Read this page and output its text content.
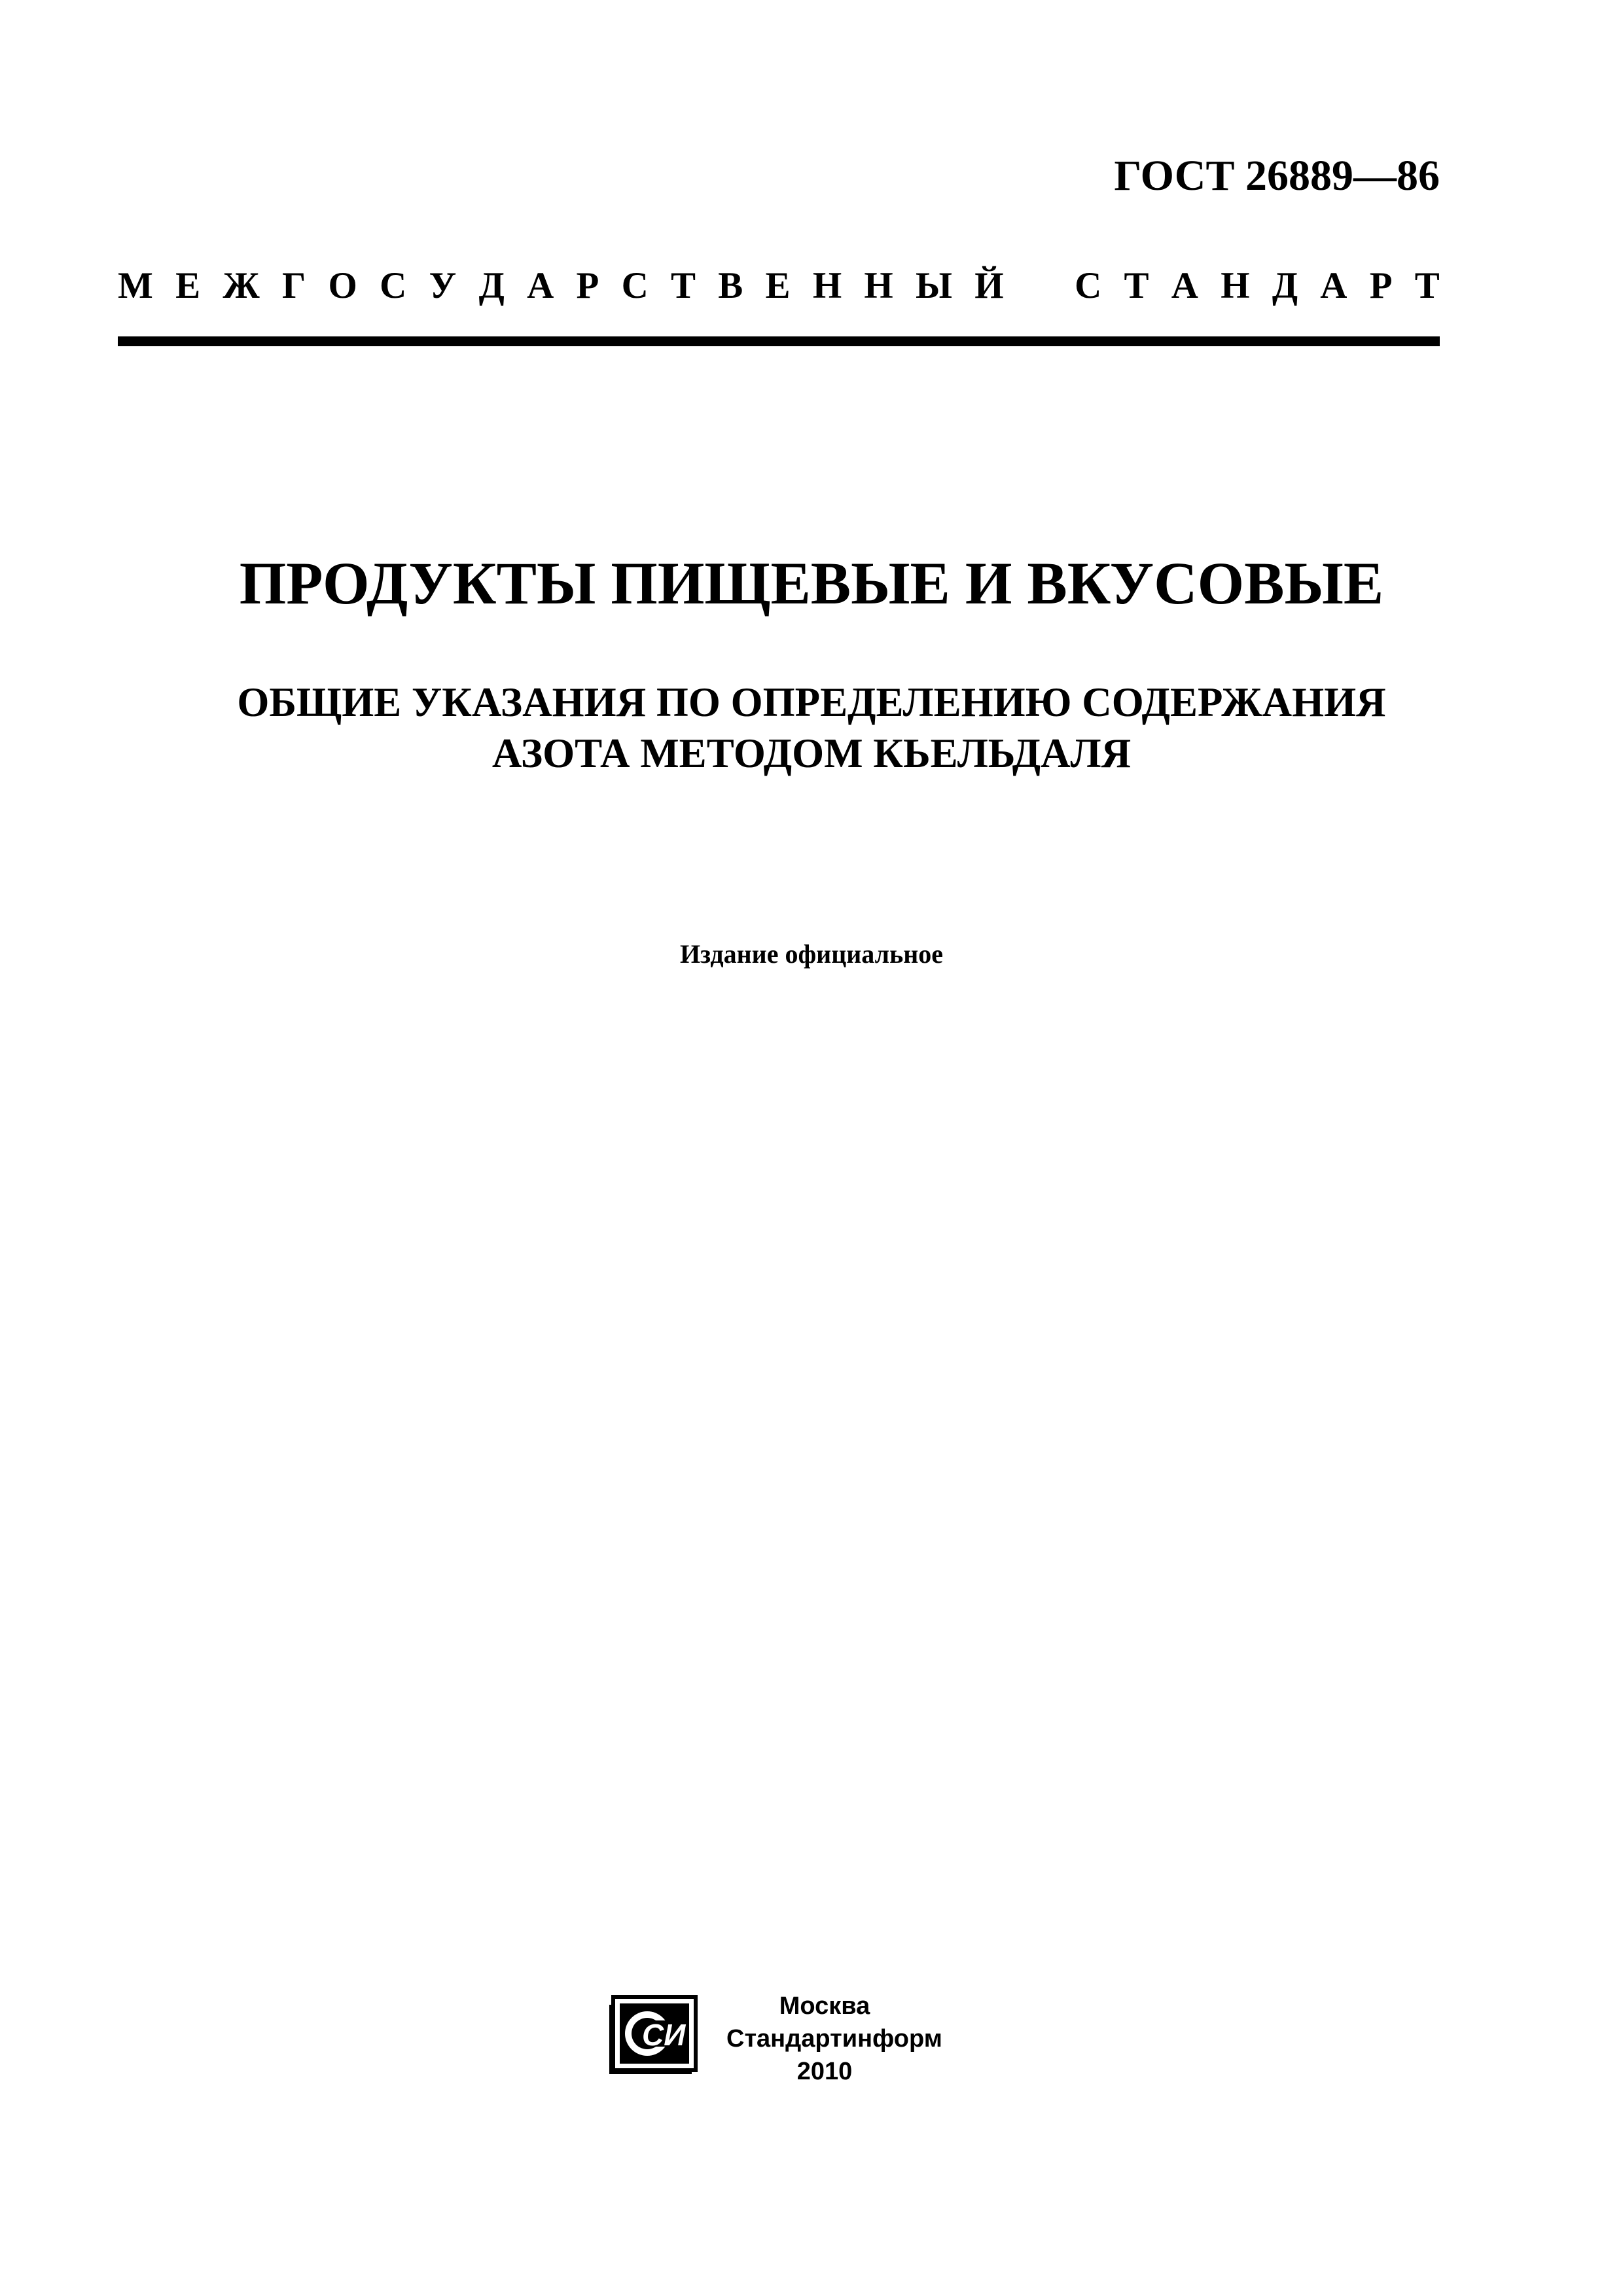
ГОСТ 26889—86
М Е Ж Г О С У Д А Р С Т В Е Н Н Ы Й С Т А Н Д А Р Т
ПРОДУКТЫ ПИЩЕВЫЕ И ВКУСОВЫЕ
ОБЩИЕ УКАЗАНИЯ ПО ОПРЕДЕЛЕНИЮ СОДЕРЖАНИЯ
АЗОТА МЕТОДОМ КЬЕЛЬДАЛЯ
Издание официальное
СИ
Москва
Стандартинформ
2010
